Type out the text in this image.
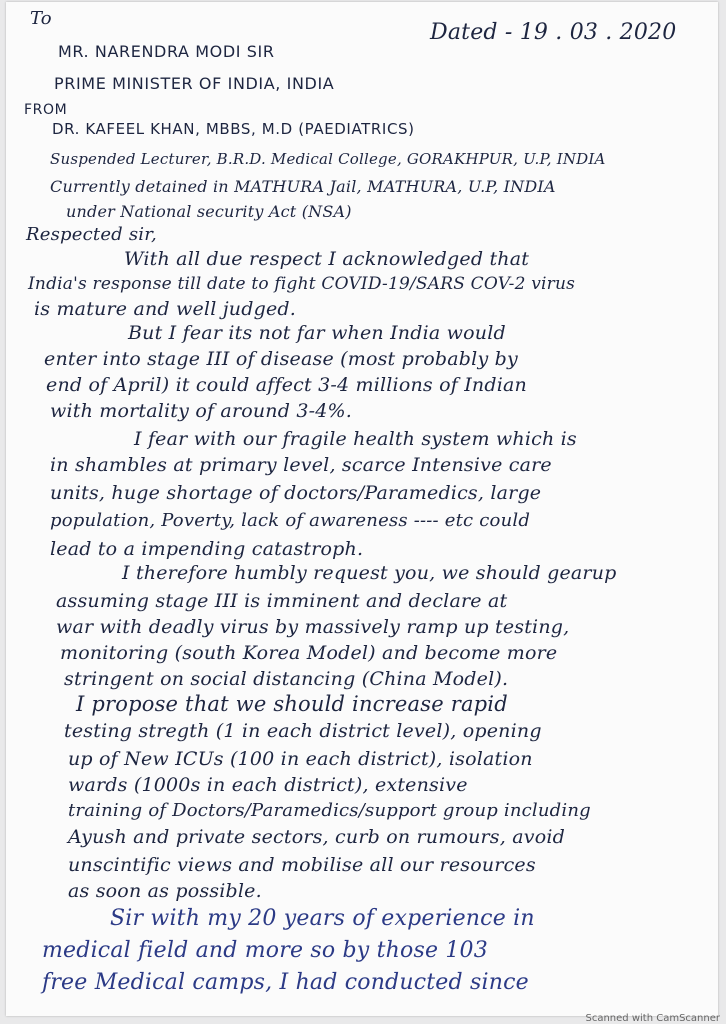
To
Dated - 19 . 03 . 2020
MR. NARENDRA MODI SIR
PRIME MINISTER OF INDIA, INDIA
FROM
DR. KAFEEL KHAN, MBBS, M.D (PAEDIATRICS)
Suspended Lecturer, B.R.D. Medical College, GORAKHPUR, U.P, INDIA
Currently detained in MATHURA Jail, MATHURA, U.P, INDIA
under National security Act (NSA)
Respected sir,
With all due respect I acknowledged that
India's response till date to fight COVID-19/SARS COV-2 virus
is mature and well judged.
But I fear its not far when India would
enter into stage III of disease (most probably by
end of April) it could affect 3-4 millions of Indian
with mortality of around 3-4%.
I fear with our fragile health system which is
in shambles at primary level, scarce Intensive care
units, huge shortage of doctors/Paramedics, large
population, Poverty, lack of awareness ---- etc could
lead to a impending catastroph.
I therefore humbly request you, we should gearup
assuming stage III is imminent and declare at
war with deadly virus by massively ramp up testing,
monitoring (south Korea Model) and become more
stringent on social distancing (China Model).
I propose that we should increase rapid
testing stregth (1 in each district level), opening
up of New ICUs (100 in each district), isolation
wards (1000s in each district), extensive
training of Doctors/Paramedics/support group including
Ayush and private sectors, curb on rumours, avoid
unscintific views and mobilise all our resources
as soon as possible.
Sir with my 20 years of experience in
medical field and more so by those 103
free Medical camps, I had conducted since
Scanned with CamScanner
